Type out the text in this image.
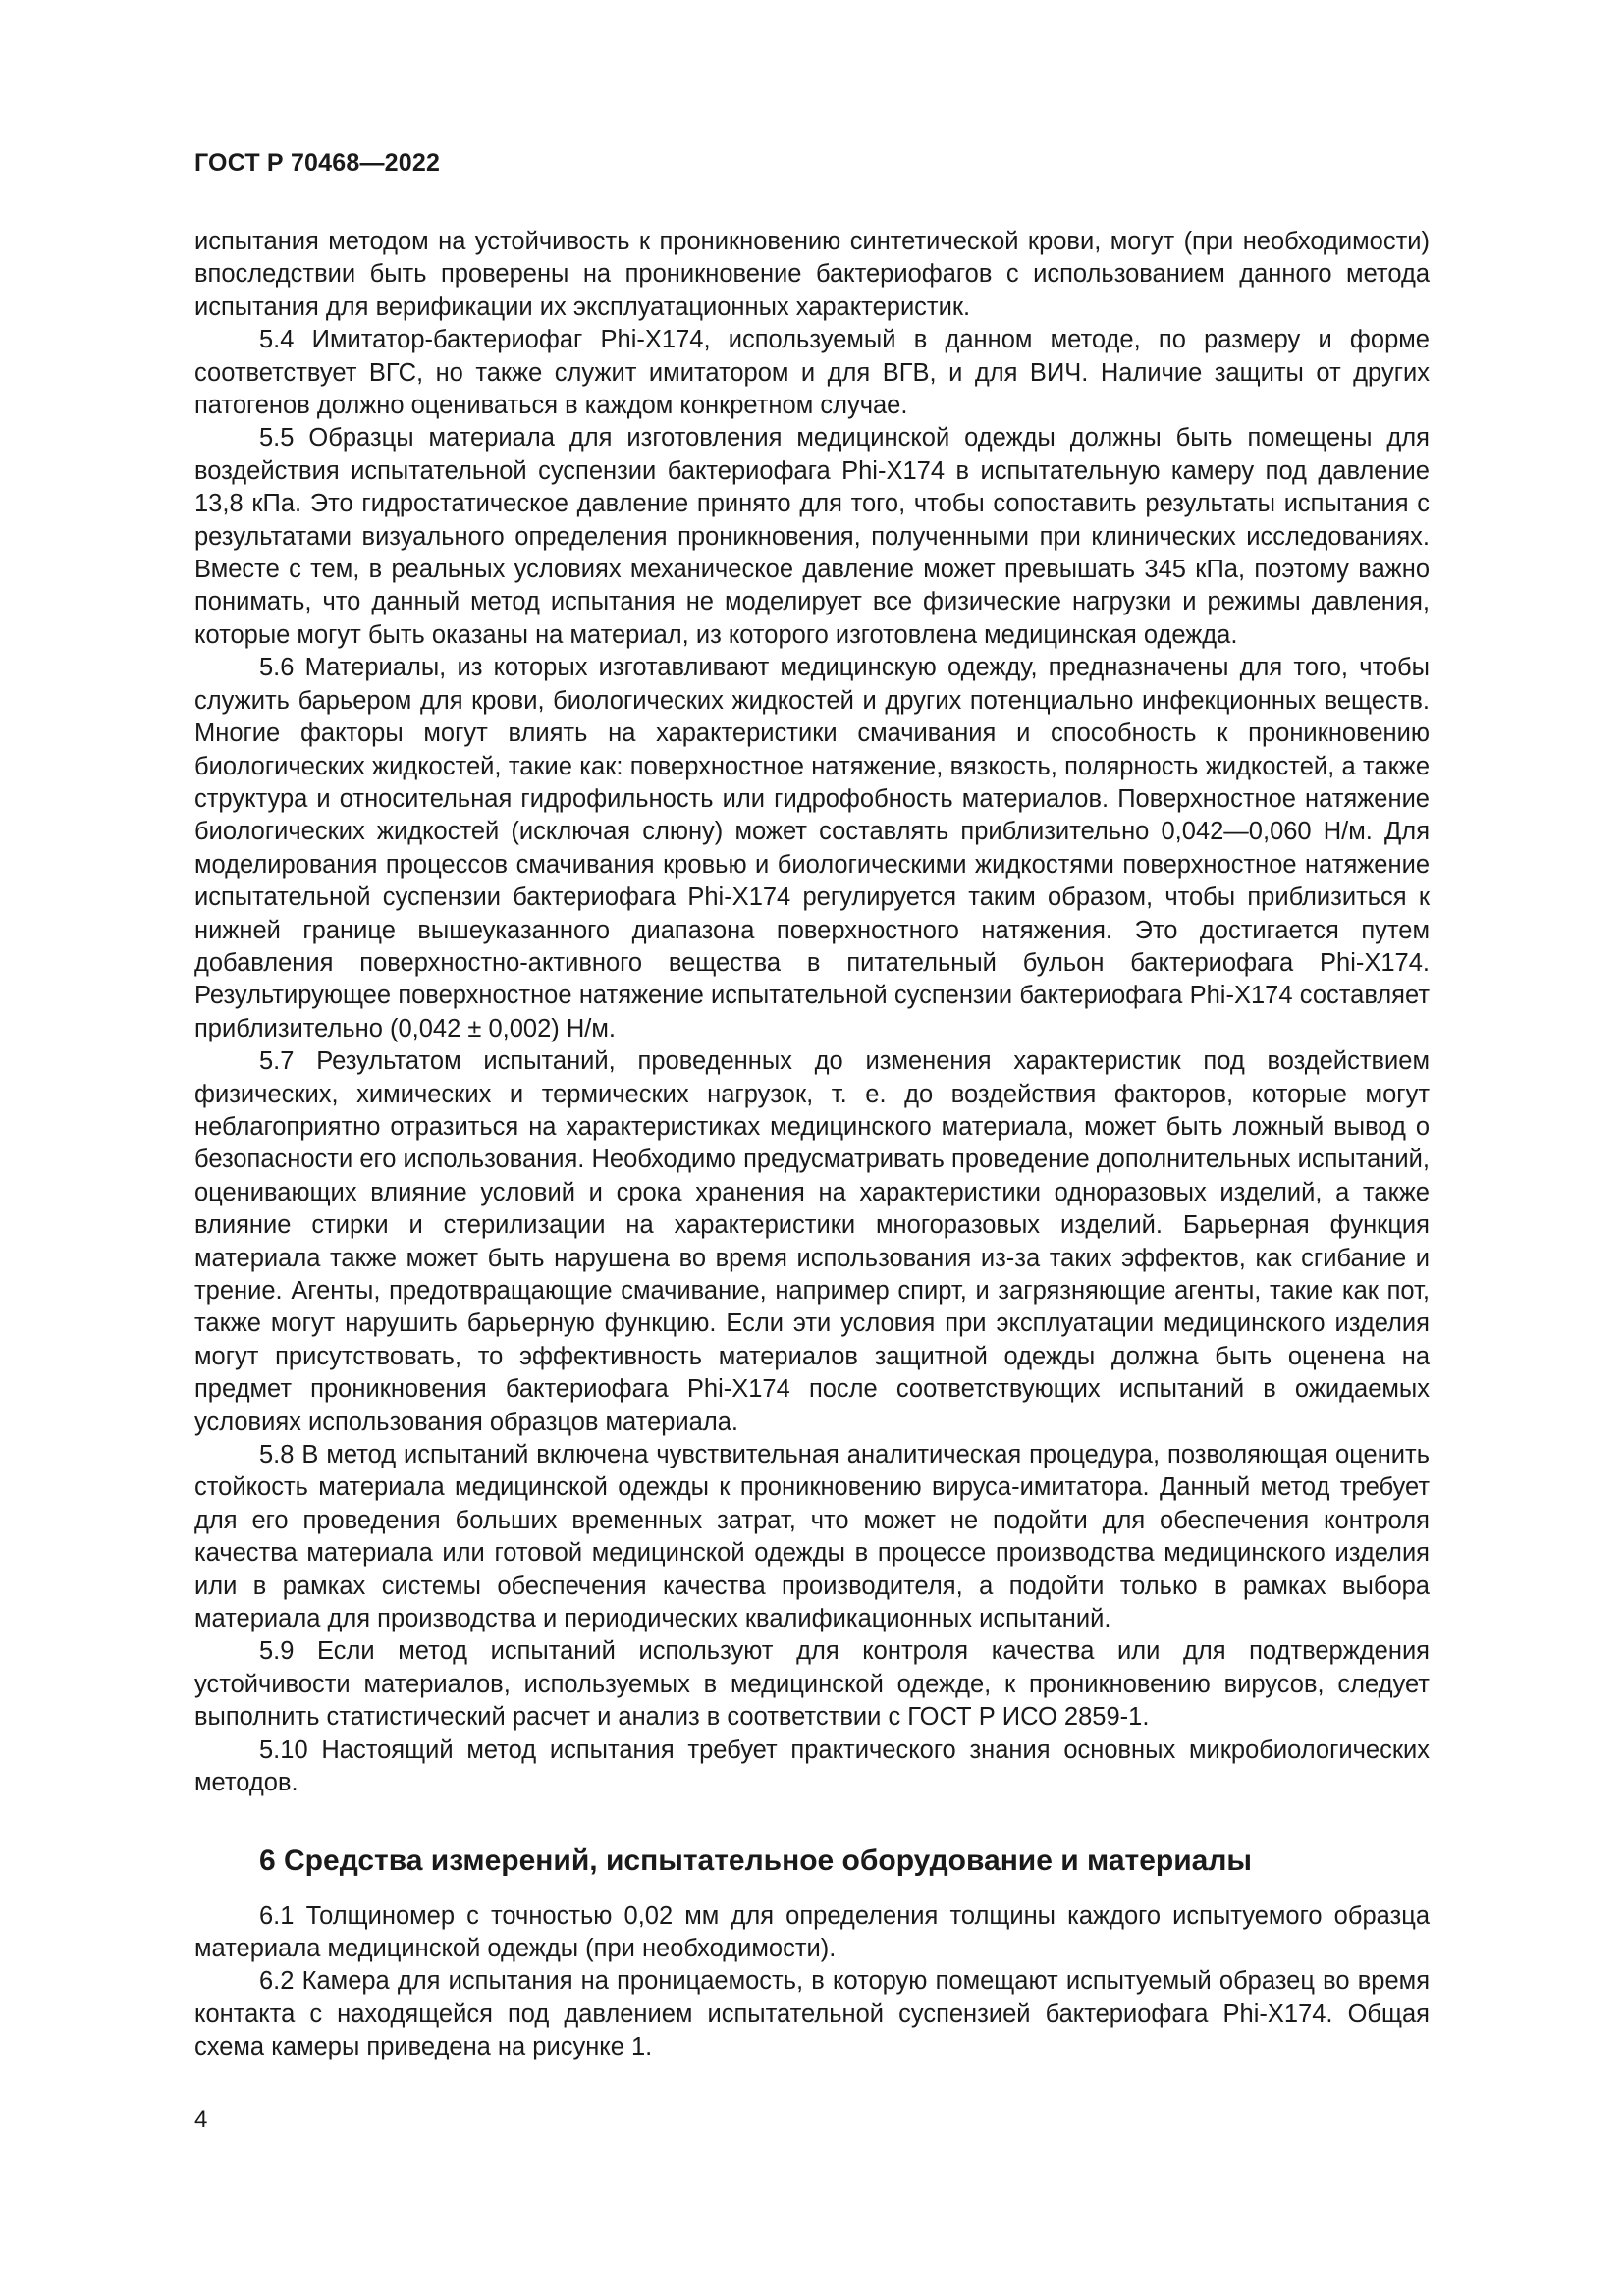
ГОСТ Р 70468—2022

испытания методом на устойчивость к проникновению синтетической крови, могут (при необходимости) впоследствии быть проверены на проникновение бактериофагов с использованием данного метода испытания для верификации их эксплуатационных характеристик.

5.4 Имитатор-бактериофаг Phi-X174, используемый в данном методе, по размеру и форме соответствует ВГС, но также служит имитатором и для ВГВ, и для ВИЧ. Наличие защиты от других патогенов должно оцениваться в каждом конкретном случае.

5.5 Образцы материала для изготовления медицинской одежды должны быть помещены для воздействия испытательной суспензии бактериофага Phi-X174 в испытательную камеру под давление 13,8 кПа. Это гидростатическое давление принято для того, чтобы сопоставить результаты испытания с результатами визуального определения проникновения, полученными при клинических исследованиях. Вместе с тем, в реальных условиях механическое давление может превышать 345 кПа, поэтому важно понимать, что данный метод испытания не моделирует все физические нагрузки и режимы давления, которые могут быть оказаны на материал, из которого изготовлена медицинская одежда.

5.6 Материалы, из которых изготавливают медицинскую одежду, предназначены для того, чтобы служить барьером для крови, биологических жидкостей и других потенциально инфекционных веществ. Многие факторы могут влиять на характеристики смачивания и способность к проникновению биологических жидкостей, такие как: поверхностное натяжение, вязкость, полярность жидкостей, а также структура и относительная гидрофильность или гидрофобность материалов. Поверхностное натяжение биологических жидкостей (исключая слюну) может составлять приблизительно 0,042—0,060 Н/м. Для моделирования процессов смачивания кровью и биологическими жидкостями поверхностное натяжение испытательной суспензии бактериофага Phi-X174 регулируется таким образом, чтобы приблизиться к нижней границе вышеуказанного диапазона поверхностного натяжения. Это достигается путем добавления поверхностно-активного вещества в питательный бульон бактериофага Phi-X174. Результирующее поверхностное натяжение испытательной суспензии бактериофага Phi-X174 составляет приблизительно (0,042 ± 0,002) Н/м.

5.7 Результатом испытаний, проведенных до изменения характеристик под воздействием физических, химических и термических нагрузок, т. е. до воздействия факторов, которые могут неблагоприятно отразиться на характеристиках медицинского материала, может быть ложный вывод о безопасности его использования. Необходимо предусматривать проведение дополнительных испытаний, оценивающих влияние условий и срока хранения на характеристики одноразовых изделий, а также влияние стирки и стерилизации на характеристики многоразовых изделий. Барьерная функция материала также может быть нарушена во время использования из-за таких эффектов, как сгибание и трение. Агенты, предотвращающие смачивание, например спирт, и загрязняющие агенты, такие как пот, также могут нарушить барьерную функцию. Если эти условия при эксплуатации медицинского изделия могут присутствовать, то эффективность материалов защитной одежды должна быть оценена на предмет проникновения бактериофага Phi-X174 после соответствующих испытаний в ожидаемых условиях использования образцов материала.

5.8 В метод испытаний включена чувствительная аналитическая процедура, позволяющая оценить стойкость материала медицинской одежды к проникновению вируса-имитатора. Данный метод требует для его проведения больших временных затрат, что может не подойти для обеспечения контроля качества материала или готовой медицинской одежды в процессе производства медицинского изделия или в рамках системы обеспечения качества производителя, а подойти только в рамках выбора материала для производства и периодических квалификационных испытаний.

5.9 Если метод испытаний используют для контроля качества или для подтверждения устойчивости материалов, используемых в медицинской одежде, к проникновению вирусов, следует выполнить статистический расчет и анализ в соответствии с ГОСТ Р ИСО 2859-1.

5.10 Настоящий метод испытания требует практического знания основных микробиологических методов.

6 Средства измерений, испытательное оборудование и материалы

6.1 Толщиномер с точностью 0,02 мм для определения толщины каждого испытуемого образца материала медицинской одежды (при необходимости).

6.2 Камера для испытания на проницаемость, в которую помещают испытуемый образец во время контакта с находящейся под давлением испытательной суспензией бактериофага Phi-X174. Общая схема камеры приведена на рисунке 1.

4
